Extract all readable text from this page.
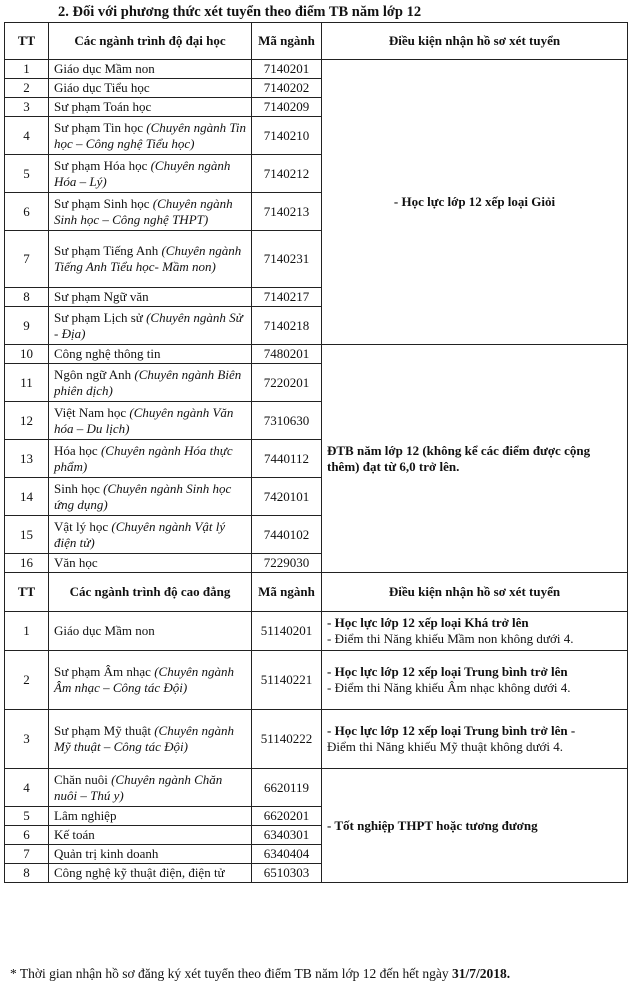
2. Đối với phương thức xét tuyển theo điểm TB năm lớp 12
TT	Các ngành trình độ đại học	Mã ngành	Điều kiện nhận hồ sơ xét tuyển
1	Giáo dục Mầm non	7140201	- Học lực lớp 12 xếp loại Giỏi

2	Giáo dục Tiểu học	7140202	
3	Sư phạm Toán học	7140209	
4	Sư phạm Tin học (Chuyên ngành Tin học – Công nghệ Tiểu học)	7140210	
5	Sư phạm Hóa học (Chuyên ngành Hóa – Lý)	7140212	
6	Sư phạm Sinh học (Chuyên ngành Sinh học – Công nghệ THPT)	7140213	
7	Sư phạm Tiếng Anh (Chuyên ngành Tiếng Anh Tiểu học- Mầm non)	7140231	
8	Sư phạm Ngữ văn	7140217	
9	Sư phạm Lịch sử (Chuyên ngành Sử - Địa)	7140218	
10	Công nghệ thông tin	7480201	ĐTB năm lớp 12 (không kể các điểm được cộng thêm) đạt từ 6,0 trở lên.

11	Ngôn ngữ Anh (Chuyên ngành Biên phiên dịch)	7220201	
12	Việt Nam học (Chuyên ngành Văn hóa – Du lịch)	7310630	
13	Hóa học (Chuyên ngành Hóa thực phẩm)	7440112	
14	Sinh học (Chuyên ngành Sinh học ứng dụng)	7420101	
15	Vật lý học (Chuyên ngành Vật lý điện tử)	7440102	
16	Văn học	7229030	
TT	Các ngành trình độ cao đẳng	Mã ngành	Điều kiện nhận hồ sơ xét tuyển
1	Giáo dục Mầm non	51140201	- Học lực lớp 12 xếp loại Khá trở lên
- Điểm thi Năng khiếu Mầm non không dưới 4.

2	Sư phạm Âm nhạc (Chuyên ngành Âm nhạc – Công tác Đội)	51140221	- Học lực lớp 12 xếp loại Trung bình trở lên
- Điểm thi Năng khiếu Âm nhạc không dưới 4.

3	Sư phạm Mỹ thuật (Chuyên ngành Mỹ thuật – Công tác Đội)	51140222	- Học lực lớp 12 xếp loại Trung bình trở lên -
Điểm thi Năng khiếu Mỹ thuật không dưới 4.

4	Chăn nuôi (Chuyên ngành Chăn nuôi – Thú y)	6620119	- Tốt nghiệp THPT hoặc tương đương

5	Lâm nghiệp	6620201	
6	Kế toán	6340301	
7	Quản trị kinh doanh	6340404	
8	Công nghệ kỹ thuật điện, điện tử	6510303	
* Thời gian nhận hồ sơ đăng ký xét tuyển theo điểm TB năm lớp 12 đến hết ngày 31/7/2018.
